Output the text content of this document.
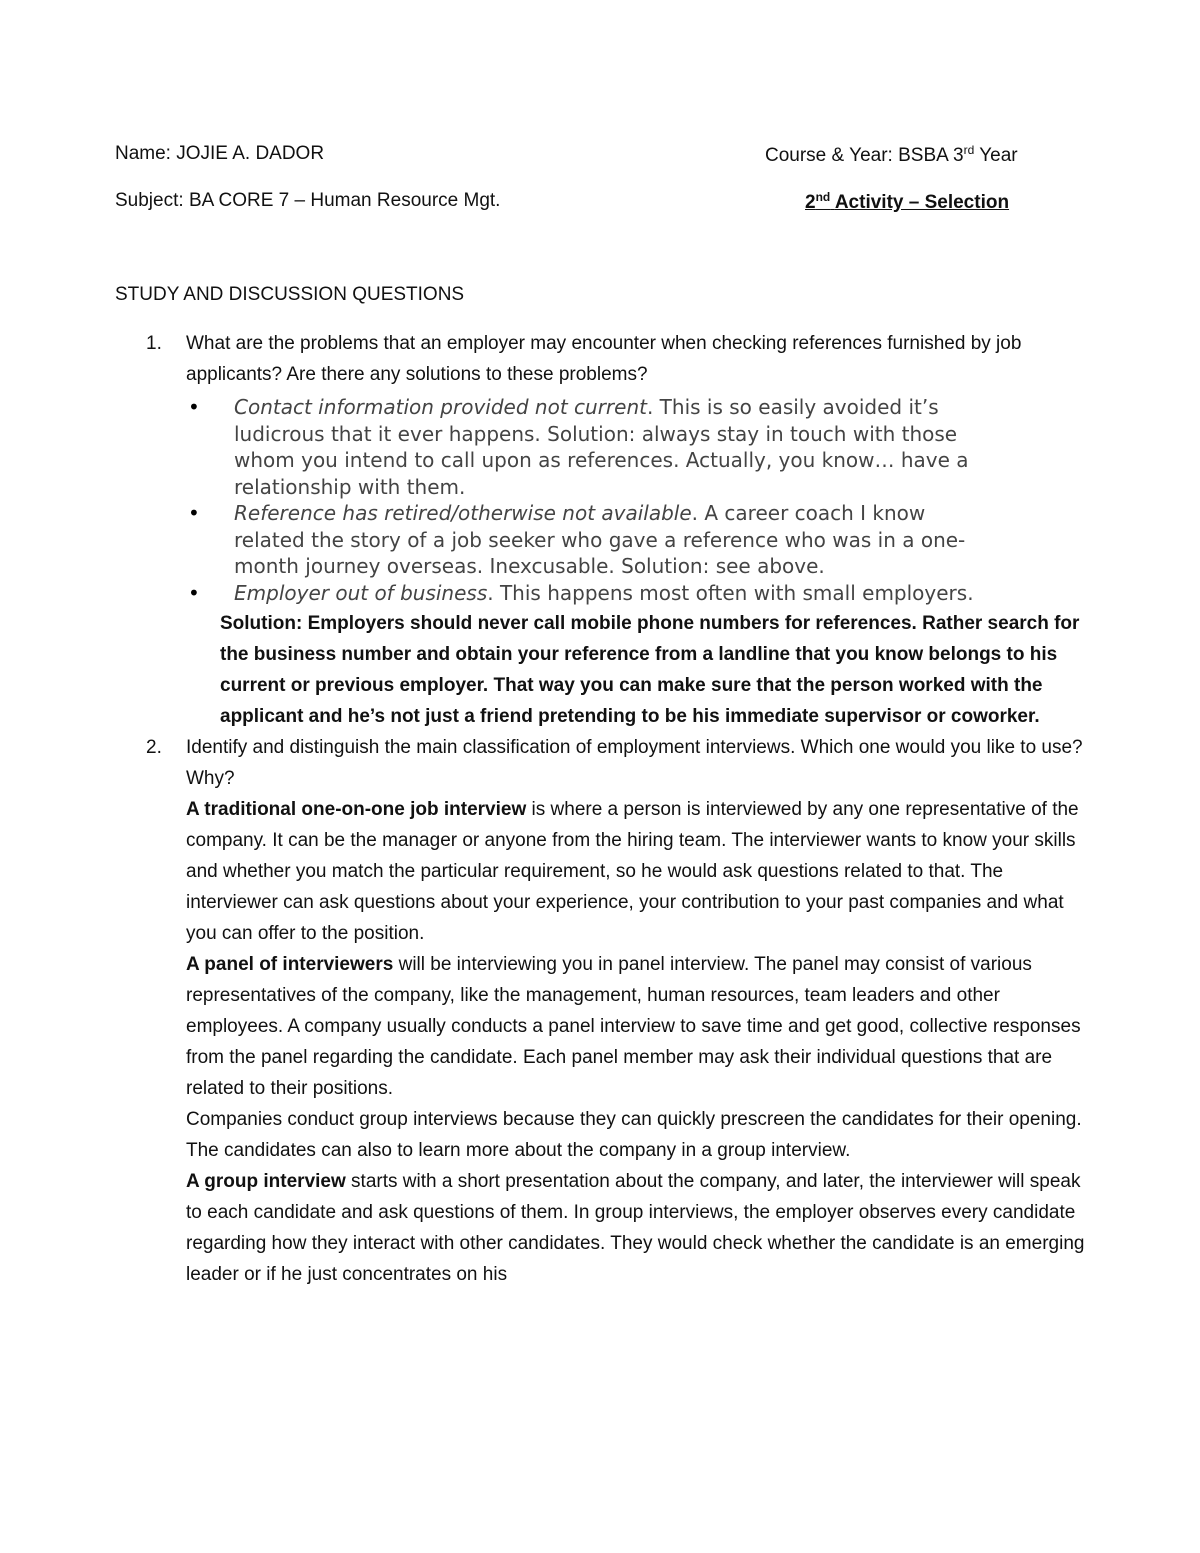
Name: JOJIE A. DADOR	Course & Year: BSBA 3rd Year
Subject: BA CORE 7 – Human Resource Mgt.	2nd Activity – Selection
STUDY AND DISCUSSION QUESTIONS
1.	What are the problems that an employer may encounter when checking references furnished by job applicants? Are there any solutions to these problems?
•	Contact information provided not current. This is so easily avoided it’s ludicrous that it ever happens. Solution: always stay in touch with those whom you intend to call upon as references. Actually, you know… have a relationship with them.
•	Reference has retired/otherwise not available. A career coach I know related the story of a job seeker who gave a reference who was in a one-month journey overseas. Inexcusable. Solution: see above.
•	Employer out of business. This happens most often with small employers.
Solution: Employers should never call mobile phone numbers for references. Rather search for the business number and obtain your reference from a landline that you know belongs to his current or previous employer. That way you can make sure that the person worked with the applicant and he’s not just a friend pretending to be his immediate supervisor or coworker.
2.	Identify and distinguish the main classification of employment interviews. Which one would you like to use? Why?
A traditional one-on-one job interview is where a person is interviewed by any one representative of the company. It can be the manager or anyone from the hiring team. The interviewer wants to know your skills and whether you match the particular requirement, so he would ask questions related to that. The interviewer can ask questions about your experience, your contribution to your past companies and what you can offer to the position.
A panel of interviewers will be interviewing you in panel interview. The panel may consist of various representatives of the company, like the management, human resources, team leaders and other employees. A company usually conducts a panel interview to save time and get good, collective responses from the panel regarding the candidate. Each panel member may ask their individual questions that are related to their positions.
Companies conduct group interviews because they can quickly prescreen the candidates for their opening. The candidates can also to learn more about the company in a group interview.
A group interview starts with a short presentation about the company, and later, the interviewer will speak to each candidate and ask questions of them. In group interviews, the employer observes every candidate regarding how they interact with other candidates. They would check whether the candidate is an emerging leader or if he just concentrates on his
